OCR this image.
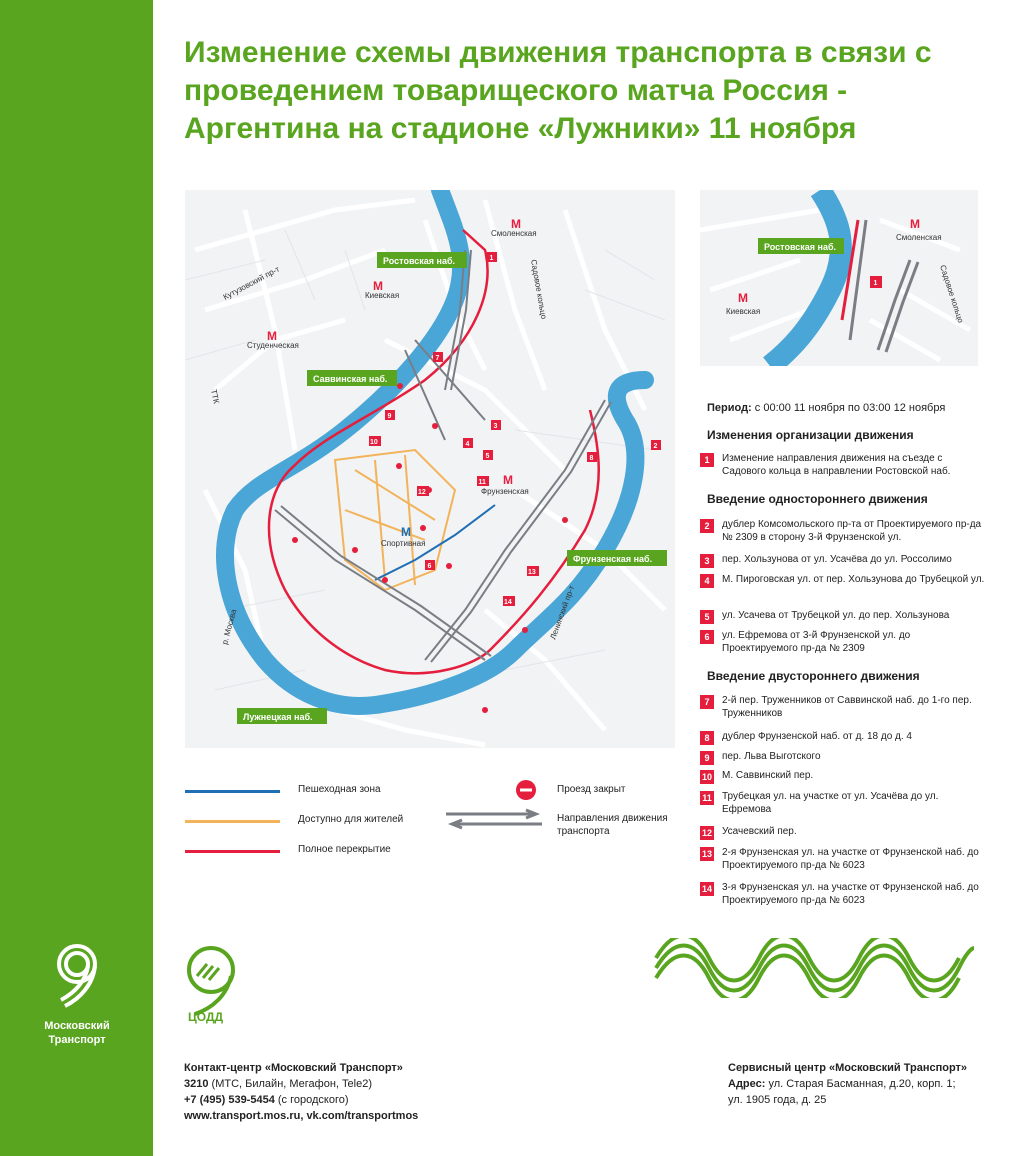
Московский
Транспорт
Изменение схемы движения транспорта в связи с проведением товарищеского матча Россия - Аргентина на стадионе «Лужники» 11 ноября
Кутузовский пр-т	Садовое кольцо
ТТК
Ленинский пр-т
р. Москва
М
Смоленская
М
Киевская
М
Студенческая
М
Фрунзенская
М
Спортивная
Ростовская наб.
Саввинская наб.
Фрунзенская наб.
Лужнецкая наб.
1
2
3
4
5
6
7
8
9
10
11
12
13
14
Ростовская наб.
1
М
Смоленская
М
Киевская	Садовое кольцо
Период: с 00:00 11 ноября по 03:00 12 ноября
Изменения организации движения
1	Изменение направления движения на съезде с Садового кольца в направлении Ростовской наб.
Введение одностороннего движения
2	дублер Комсомольского пр-та от Проектируемого пр-да № 2309 в сторону 3-й Фрунзенской ул.
3	пер. Хользунова от ул. Усачёва до ул. Россолимо
4	М. Пироговская ул. от пер. Хользунова до Трубецкой ул.
5	ул. Усачева от Трубецкой ул. до пер. Хользунова
6	ул. Ефремова от 3-й Фрунзенской ул. до Проектируемого пр-да № 2309
Введение двустороннего движения
7	2-й пер. Труженников от Саввинской наб. до 1-го пер. Труженников
8	дублер Фрунзенской наб. от д. 18 до д. 4
9	пер. Льва Выготского
10 М. Саввинский пер.
11 Трубецкая ул. на участке от ул. Усачёва до ул. Ефремова
12 Усачевский пер.
13 2-я Фрунзенская ул. на участке от Фрунзенской наб. до Проектируемого пр-да № 6023
14 3-я Фрунзенская ул. на участке от Фрунзенской наб. до Проектируемого пр-да № 6023
Пешеходная зона
Доступно для жителей
Полное перекрытие
Проезд закрыт
Направления движения транспорта
ЦОДД
Контакт-центр «Московский Транспорт»
3210 (МТС, Билайн, Мегафон, Tele2)
+7 (495) 539-5454 (с городского)
www.transport.mos.ru, vk.com/transportmos
Сервисный центр «Московский Транспорт»
Адрес: ул. Старая Басманная, д.20, корп. 1;
ул. 1905 года, д. 25
